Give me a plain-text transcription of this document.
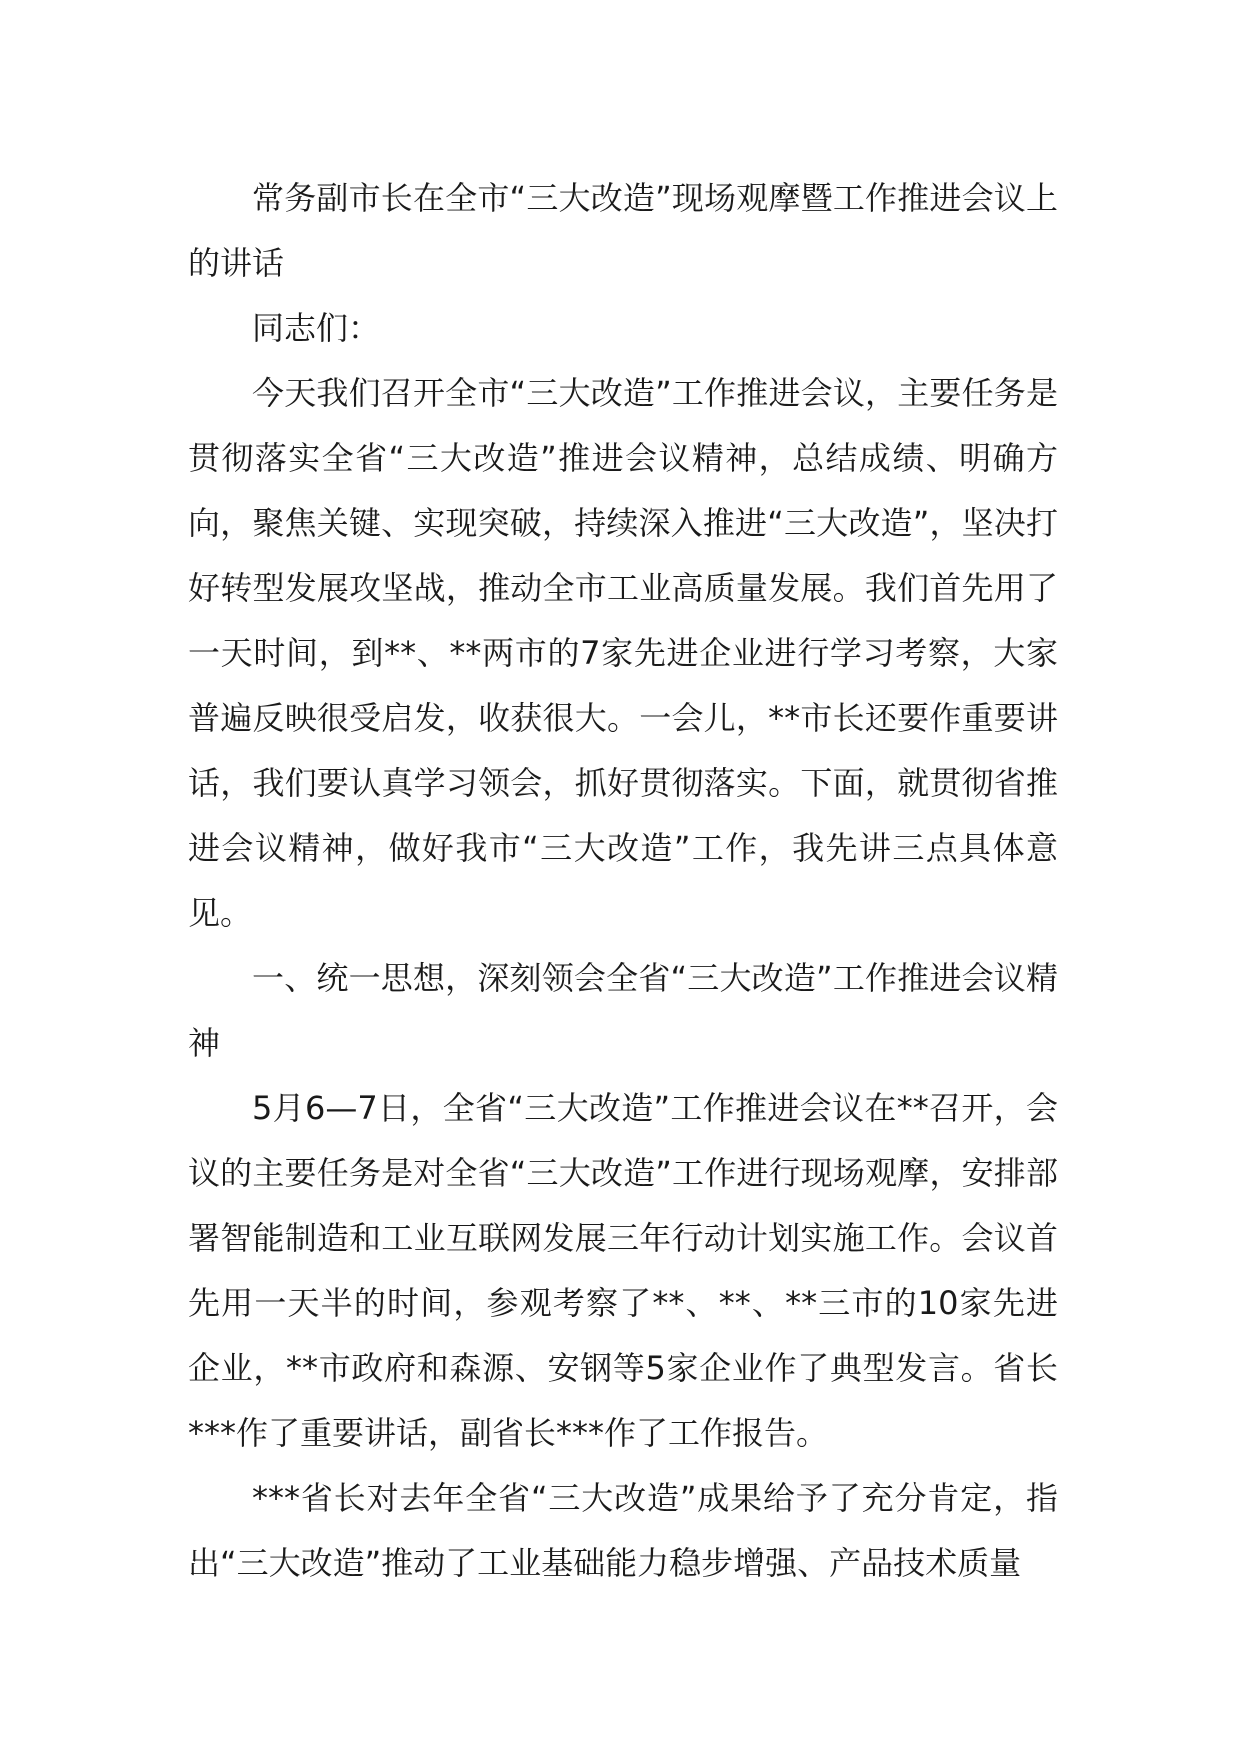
常务副市长在全市“三大改造”现场观摩暨工作推进会议上的讲话

同志们：

今天我们召开全市“三大改造”工作推进会议，主要任务是贯彻落实全省“三大改造”推进会议精神，总结成绩、明确方向，聚焦关键、实现突破，持续深入推进“三大改造”，坚决打好转型发展攻坚战，推动全市工业高质量发展。我们首先用了一天时间，到**、**两市的7家先进企业进行学习考察，大家普遍反映很受启发，收获很大。一会儿，**市长还要作重要讲话，我们要认真学习领会，抓好贯彻落实。下面，就贯彻省推进会议精神，做好我市“三大改造”工作，我先讲三点具体意见。

一、统一思想，深刻领会全省“三大改造”工作推进会议精神

5月6—7日，全省“三大改造”工作推进会议在**召开，会议的主要任务是对全省“三大改造”工作进行现场观摩，安排部署智能制造和工业互联网发展三年行动计划实施工作。会议首先用一天半的时间，参观考察了**、**、**三市的10家先进企业，**市政府和森源、安钢等5家企业作了典型发言。省长***作了重要讲话，副省长***作了工作报告。

***省长对去年全省“三大改造”成果给予了充分肯定，指出“三大改造”推动了工业基础能力稳步增强、产品技术质量
